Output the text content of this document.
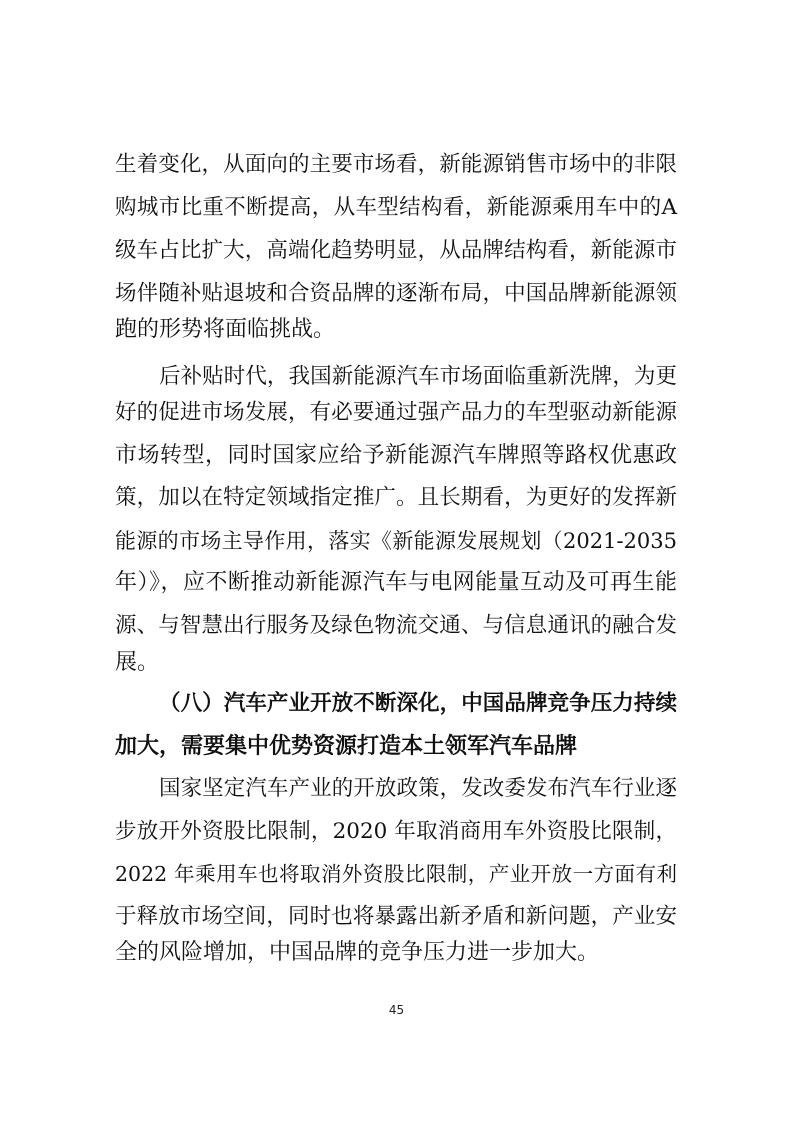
生着变化，从面向的主要市场看，新能源销售市场中的非限
购城市比重不断提高，从车型结构看，新能源乘用车中的A
级车占比扩大，高端化趋势明显，从品牌结构看，新能源市
场伴随补贴退坡和合资品牌的逐渐布局，中国品牌新能源领
跑的形势将面临挑战。
后补贴时代，我国新能源汽车市场面临重新洗牌，为更
好的促进市场发展，有必要通过强产品力的车型驱动新能源
市场转型，同时国家应给予新能源汽车牌照等路权优惠政
策，加以在特定领域指定推广。且长期看，为更好的发挥新
能源的市场主导作用，落实《新能源发展规划（2021-2035
年）》，应不断推动新能源汽车与电网能量互动及可再生能
源、与智慧出行服务及绿色物流交通、与信息通讯的融合发
展。
（八）汽车产业开放不断深化，中国品牌竞争压力持续
加大，需要集中优势资源打造本土领军汽车品牌
国家坚定汽车产业的开放政策，发改委发布汽车行业逐
步放开外资股比限制，2020 年取消商用车外资股比限制，
2022 年乘用车也将取消外资股比限制，产业开放一方面有利
于释放市场空间，同时也将暴露出新矛盾和新问题，产业安
全的风险增加，中国品牌的竞争压力进一步加大。
45
